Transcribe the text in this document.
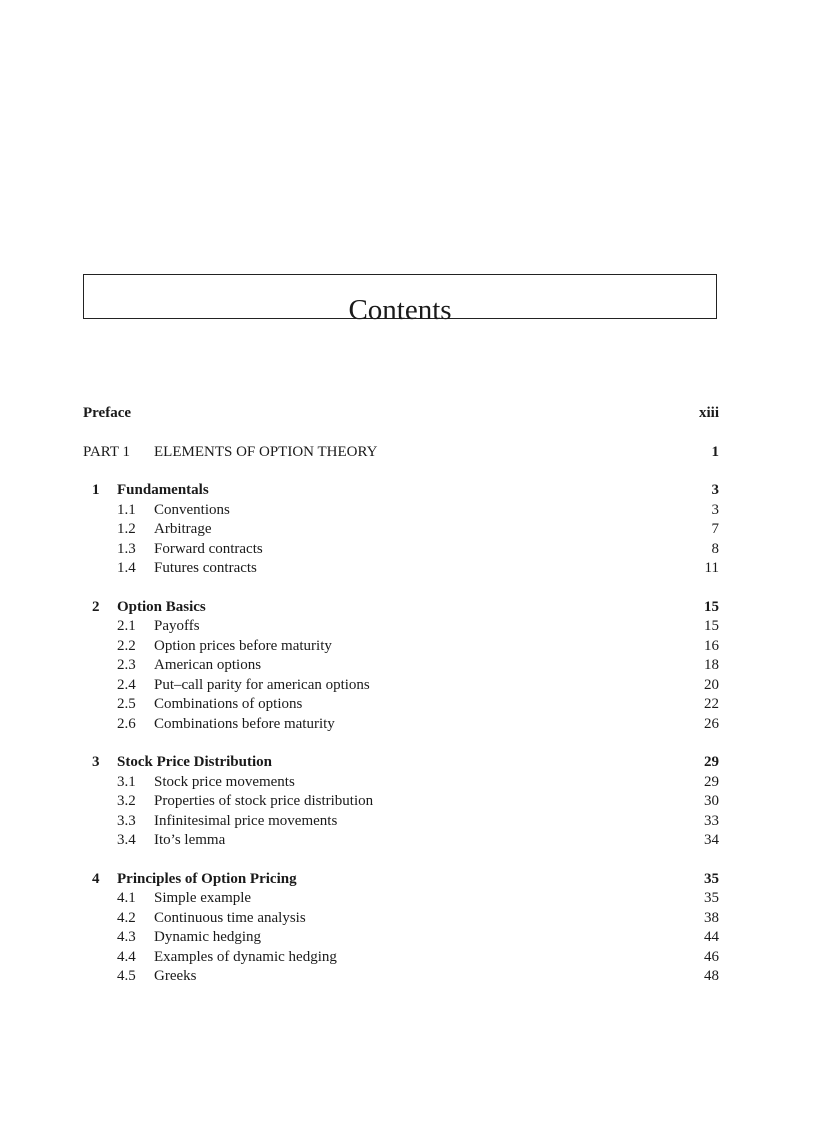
Contents
Preface	xiii
PART 1 ELEMENTS OF OPTION THEORY	1
1 Fundamentals	3
1.1 Conventions	3
1.2 Arbitrage	7
1.3 Forward contracts	8
1.4 Futures contracts	11
2 Option Basics	15
2.1 Payoffs	15
2.2 Option prices before maturity	16
2.3 American options	18
2.4 Put–call parity for american options	20
2.5 Combinations of options	22
2.6 Combinations before maturity	26
3 Stock Price Distribution	29
3.1 Stock price movements	29
3.2 Properties of stock price distribution	30
3.3 Infinitesimal price movements	33
3.4 Ito’s lemma	34
4 Principles of Option Pricing	35
4.1 Simple example	35
4.2 Continuous time analysis	38
4.3 Dynamic hedging	44
4.4 Examples of dynamic hedging	46
4.5 Greeks	48
